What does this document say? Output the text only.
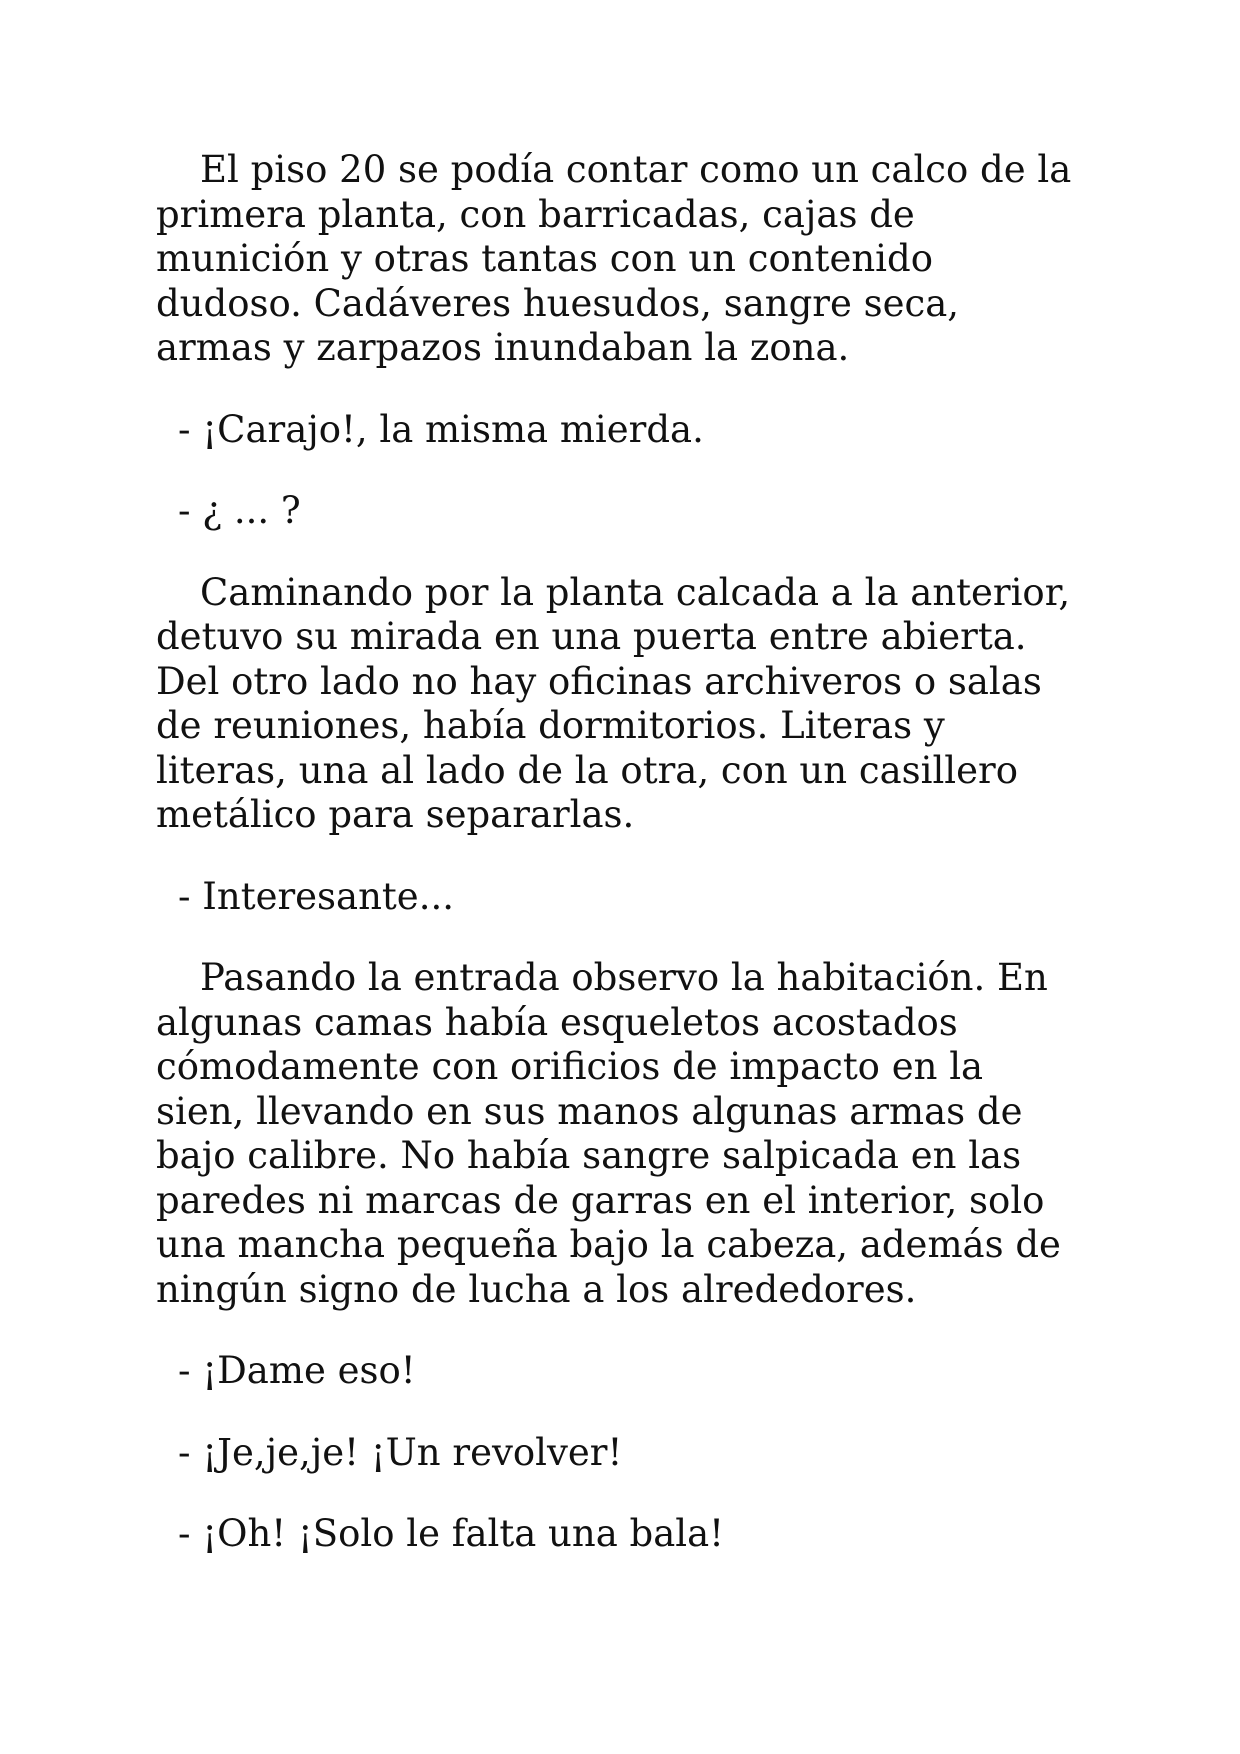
El piso 20 se podía contar como un calco de la
primera planta, con barricadas, cajas de
munición y otras tantas con un contenido
dudoso. Cadáveres huesudos, sangre seca,
armas y zarpazos inundaban la zona.

- ¡Carajo!, la misma mierda.

- ¿ ... ?

Caminando por la planta calcada a la anterior,
detuvo su mirada en una puerta entre abierta.
Del otro lado no hay oficinas archiveros o salas
de reuniones, había dormitorios. Literas y
literas, una al lado de la otra, con un casillero
metálico para separarlas.

- Interesante...

Pasando la entrada observo la habitación. En
algunas camas había esqueletos acostados
cómodamente con orificios de impacto en la
sien, llevando en sus manos algunas armas de
bajo calibre. No había sangre salpicada en las
paredes ni marcas de garras en el interior, solo
una mancha pequeña bajo la cabeza, además de
ningún signo de lucha a los alrededores.

- ¡Dame eso!

- ¡Je,je,je! ¡Un revolver!

- ¡Oh! ¡Solo le falta una bala!
